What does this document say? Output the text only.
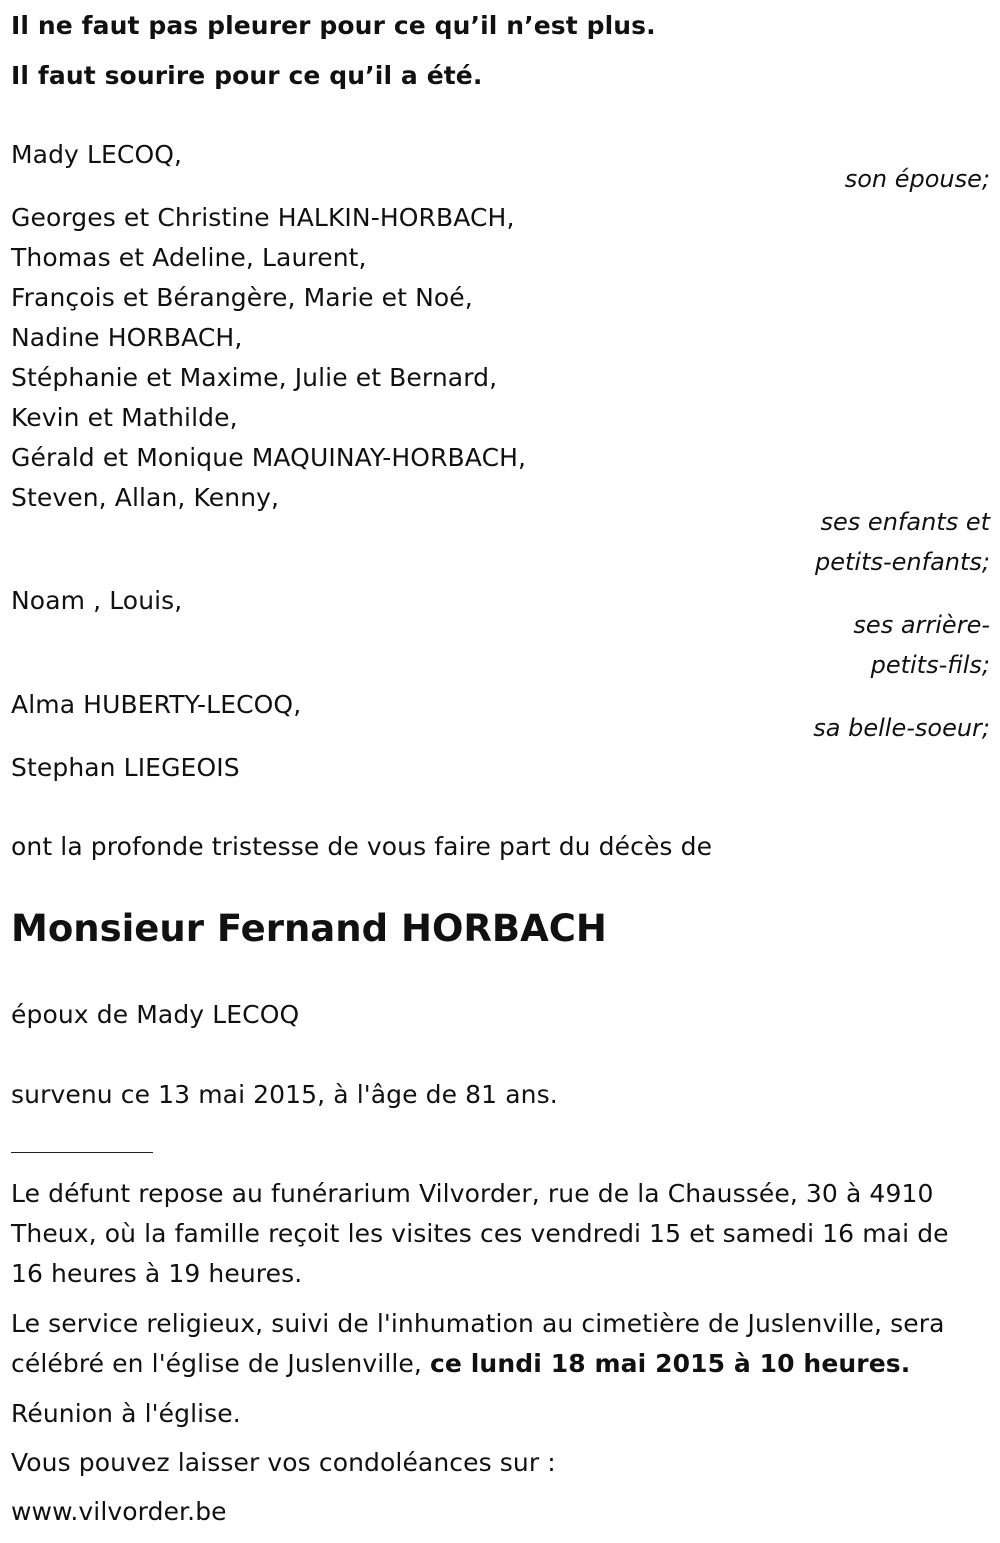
Il ne faut pas pleurer pour ce qu’il n’est plus.
Il faut sourire pour ce qu’il a été.
Mady LECOQ,
son épouse;
Georges et Christine HALKIN-HORBACH,
Thomas et Adeline, Laurent,
François et Bérangère, Marie et Noé,
Nadine HORBACH,
Stéphanie et Maxime, Julie et Bernard,
Kevin et Mathilde,
Gérald et Monique MAQUINAY-HORBACH,
Steven, Allan, Kenny,
ses enfants et
petits-enfants;
Noam , Louis,
ses arrière-
petits-fils;
Alma HUBERTY-LECOQ,
sa belle-soeur;
Stephan LIEGEOIS
ont la profonde tristesse de vous faire part du décès de
Monsieur Fernand HORBACH
époux de Mady LECOQ
survenu ce 13 mai 2015, à l'âge de 81 ans.
Le défunt repose au funérarium Vilvorder, rue de la Chaussée, 30 à 4910
Theux, où la famille reçoit les visites ces vendredi 15 et samedi 16 mai de
16 heures à 19 heures.
Le service religieux, suivi de l'inhumation au cimetière de Juslenville, sera
célébré en l'église de Juslenville, ce lundi 18 mai 2015 à 10 heures.
Réunion à l'église.
Vous pouvez laisser vos condoléances sur :
www.vilvorder.be
